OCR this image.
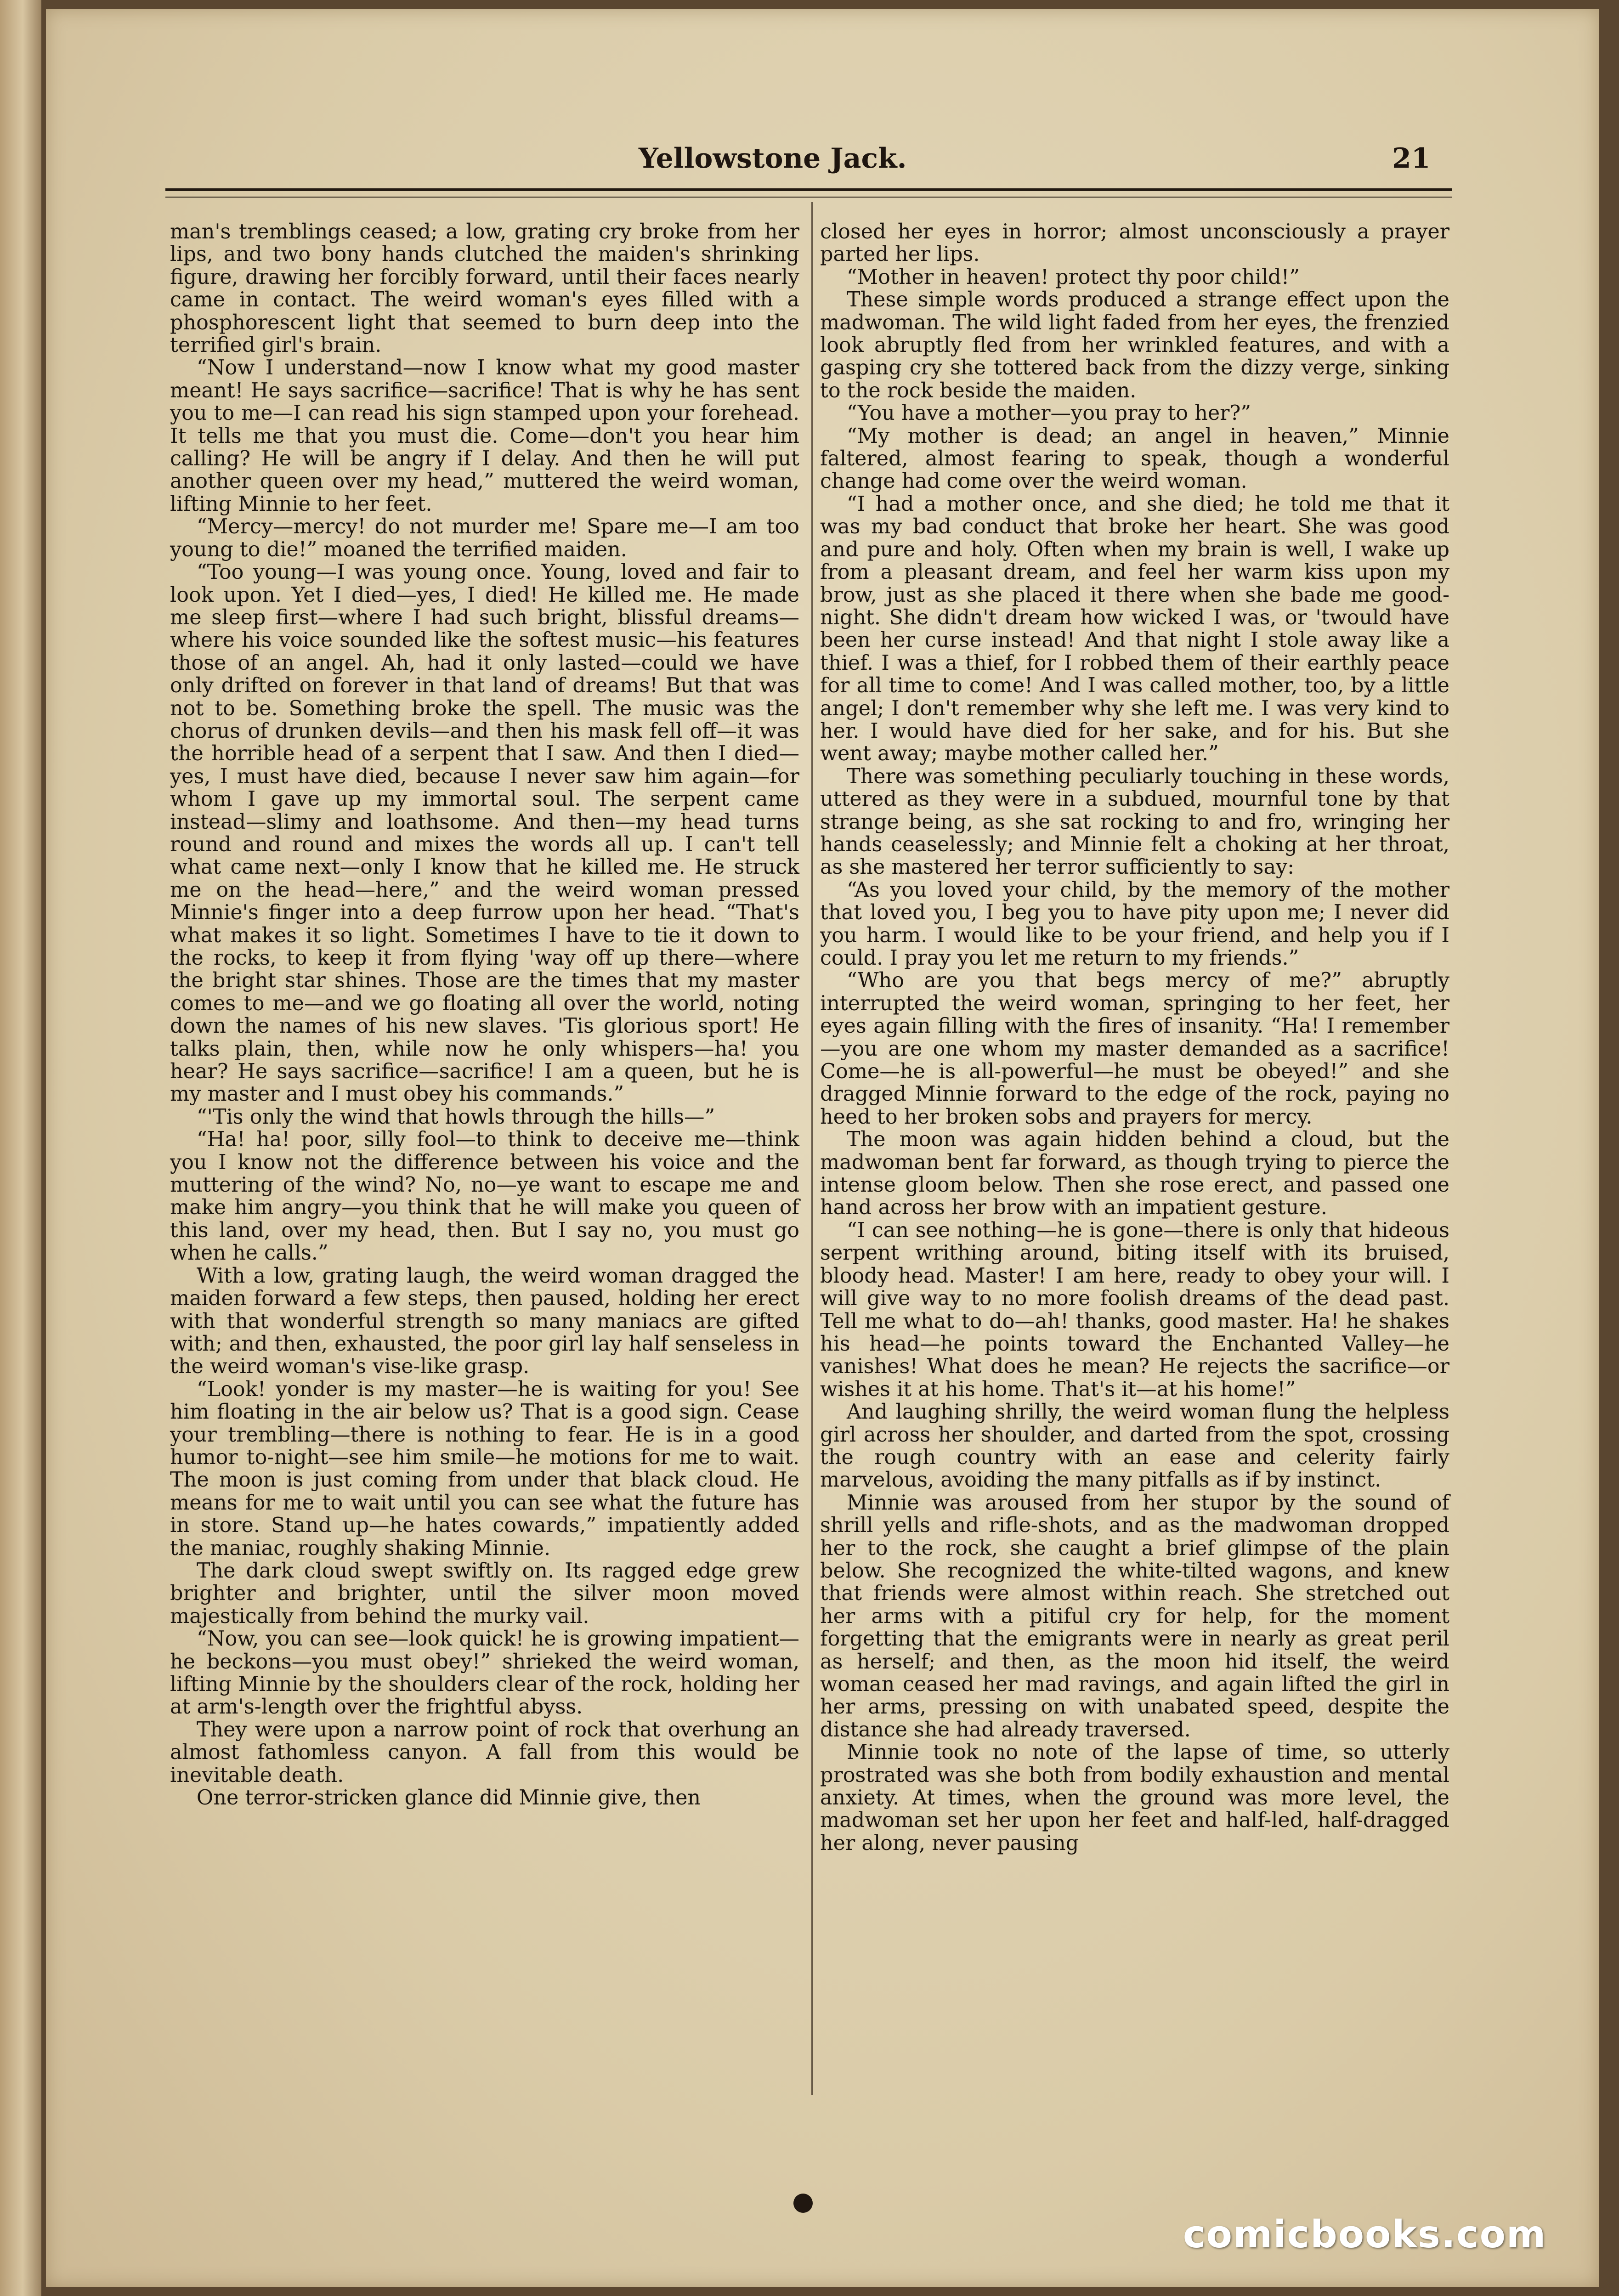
Yellowstone Jack.	21

man's tremblings ceased; a low, grating cry broke from her lips, and two bony hands clutched the maiden's shrinking figure, drawing her forcibly forward, until their faces nearly came in contact. The weird woman's eyes filled with a phosphorescent light that seemed to burn deep into the terrified girl's brain.

“Now I understand—now I know what my good master meant! He says sacrifice—sacrifice! That is why he has sent you to me—I can read his sign stamped upon your forehead. It tells me that you must die. Come—don't you hear him calling? He will be angry if I delay. And then he will put another queen over my head,” muttered the weird woman, lifting Minnie to her feet.

“Mercy—mercy! do not murder me! Spare me—I am too young to die!” moaned the terrified maiden.

“Too young—I was young once. Young, loved and fair to look upon. Yet I died—yes, I died! He killed me. He made me sleep first—where I had such bright, blissful dreams—where his voice sounded like the softest music—his features those of an angel. Ah, had it only lasted—could we have only drifted on forever in that land of dreams! But that was not to be. Something broke the spell. The music was the chorus of drunken devils—and then his mask fell off—it was the horrible head of a serpent that I saw. And then I died—yes, I must have died, because I never saw him again—for whom I gave up my immortal soul. The serpent came instead—slimy and loathsome. And then—my head turns round and round and mixes the words all up. I can't tell what came next—only I know that he killed me. He struck me on the head—here,” and the weird woman pressed Minnie's finger into a deep furrow upon her head. “That's what makes it so light. Sometimes I have to tie it down to the rocks, to keep it from flying 'way off up there—where the bright star shines. Those are the times that my master comes to me—and we go floating all over the world, noting down the names of his new slaves. 'Tis glorious sport! He talks plain, then, while now he only whispers—ha! you hear? He says sacrifice—sacrifice! I am a queen, but he is my master and I must obey his commands.”

“'Tis only the wind that howls through the hills—”

“Ha! ha! poor, silly fool—to think to deceive me—think you I know not the difference between his voice and the muttering of the wind? No, no—ye want to escape me and make him angry—you think that he will make you queen of this land, over my head, then. But I say no, you must go when he calls.”

With a low, grating laugh, the weird woman dragged the maiden forward a few steps, then paused, holding her erect with that wonderful strength so many maniacs are gifted with; and then, exhausted, the poor girl lay half senseless in the weird woman's vise-like grasp.

“Look! yonder is my master—he is waiting for you! See him floating in the air below us? That is a good sign. Cease your trembling—there is nothing to fear. He is in a good humor to-night—see him smile—he motions for me to wait. The moon is just coming from under that black cloud. He means for me to wait until you can see what the future has in store. Stand up—he hates cowards,” impatiently added the maniac, roughly shaking Minnie.

The dark cloud swept swiftly on. Its ragged edge grew brighter and brighter, until the silver moon moved majestically from behind the murky vail.

“Now, you can see—look quick! he is growing impatient—he beckons—you must obey!” shrieked the weird woman, lifting Minnie by the shoulders clear of the rock, holding her at arm's-length over the frightful abyss.

They were upon a narrow point of rock that overhung an almost fathomless canyon. A fall from this would be inevitable death.

One terror-stricken glance did Minnie give, then

closed her eyes in horror; almost unconsciously a prayer parted her lips.

“Mother in heaven! protect thy poor child!”

These simple words produced a strange effect upon the madwoman. The wild light faded from her eyes, the frenzied look abruptly fled from her wrinkled features, and with a gasping cry she tottered back from the dizzy verge, sinking to the rock beside the maiden.

“You have a mother—you pray to her?”

“My mother is dead; an angel in heaven,” Minnie faltered, almost fearing to speak, though a wonderful change had come over the weird woman.

“I had a mother once, and she died; he told me that it was my bad conduct that broke her heart. She was good and pure and holy. Often when my brain is well, I wake up from a pleasant dream, and feel her warm kiss upon my brow, just as she placed it there when she bade me good-night. She didn't dream how wicked I was, or 'twould have been her curse instead! And that night I stole away like a thief. I was a thief, for I robbed them of their earthly peace for all time to come! And I was called mother, too, by a little angel; I don't remember why she left me. I was very kind to her. I would have died for her sake, and for his. But she went away; maybe mother called her.”

There was something peculiarly touching in these words, uttered as they were in a subdued, mournful tone by that strange being, as she sat rocking to and fro, wringing her hands ceaselessly; and Minnie felt a choking at her throat, as she mastered her terror sufficiently to say:

“As you loved your child, by the memory of the mother that loved you, I beg you to have pity upon me; I never did you harm. I would like to be your friend, and help you if I could. I pray you let me return to my friends.”

“Who are you that begs mercy of me?” abruptly interrupted the weird woman, springing to her feet, her eyes again filling with the fires of insanity. “Ha! I remember—you are one whom my master demanded as a sacrifice! Come—he is all-powerful—he must be obeyed!” and she dragged Minnie forward to the edge of the rock, paying no heed to her broken sobs and prayers for mercy.

The moon was again hidden behind a cloud, but the madwoman bent far forward, as though trying to pierce the intense gloom below. Then she rose erect, and passed one hand across her brow with an impatient gesture.

“I can see nothing—he is gone—there is only that hideous serpent writhing around, biting itself with its bruised, bloody head. Master! I am here, ready to obey your will. I will give way to no more foolish dreams of the dead past. Tell me what to do—ah! thanks, good master. Ha! he shakes his head—he points toward the Enchanted Valley—he vanishes! What does he mean? He rejects the sacrifice—or wishes it at his home. That's it—at his home!”

And laughing shrilly, the weird woman flung the helpless girl across her shoulder, and darted from the spot, crossing the rough country with an ease and celerity fairly marvelous, avoiding the many pitfalls as if by instinct.

Minnie was aroused from her stupor by the sound of shrill yells and rifle-shots, and as the madwoman dropped her to the rock, she caught a brief glimpse of the plain below. She recognized the white-tilted wagons, and knew that friends were almost within reach. She stretched out her arms with a pitiful cry for help, for the moment forgetting that the emigrants were in nearly as great peril as herself; and then, as the moon hid itself, the weird woman ceased her mad ravings, and again lifted the girl in her arms, pressing on with unabated speed, despite the distance she had already traversed.

Minnie took no note of the lapse of time, so utterly prostrated was she both from bodily exhaustion and mental anxiety. At times, when the ground was more level, the madwoman set her upon her feet and half-led, half-dragged her along, never pausing

comicbooks.com
